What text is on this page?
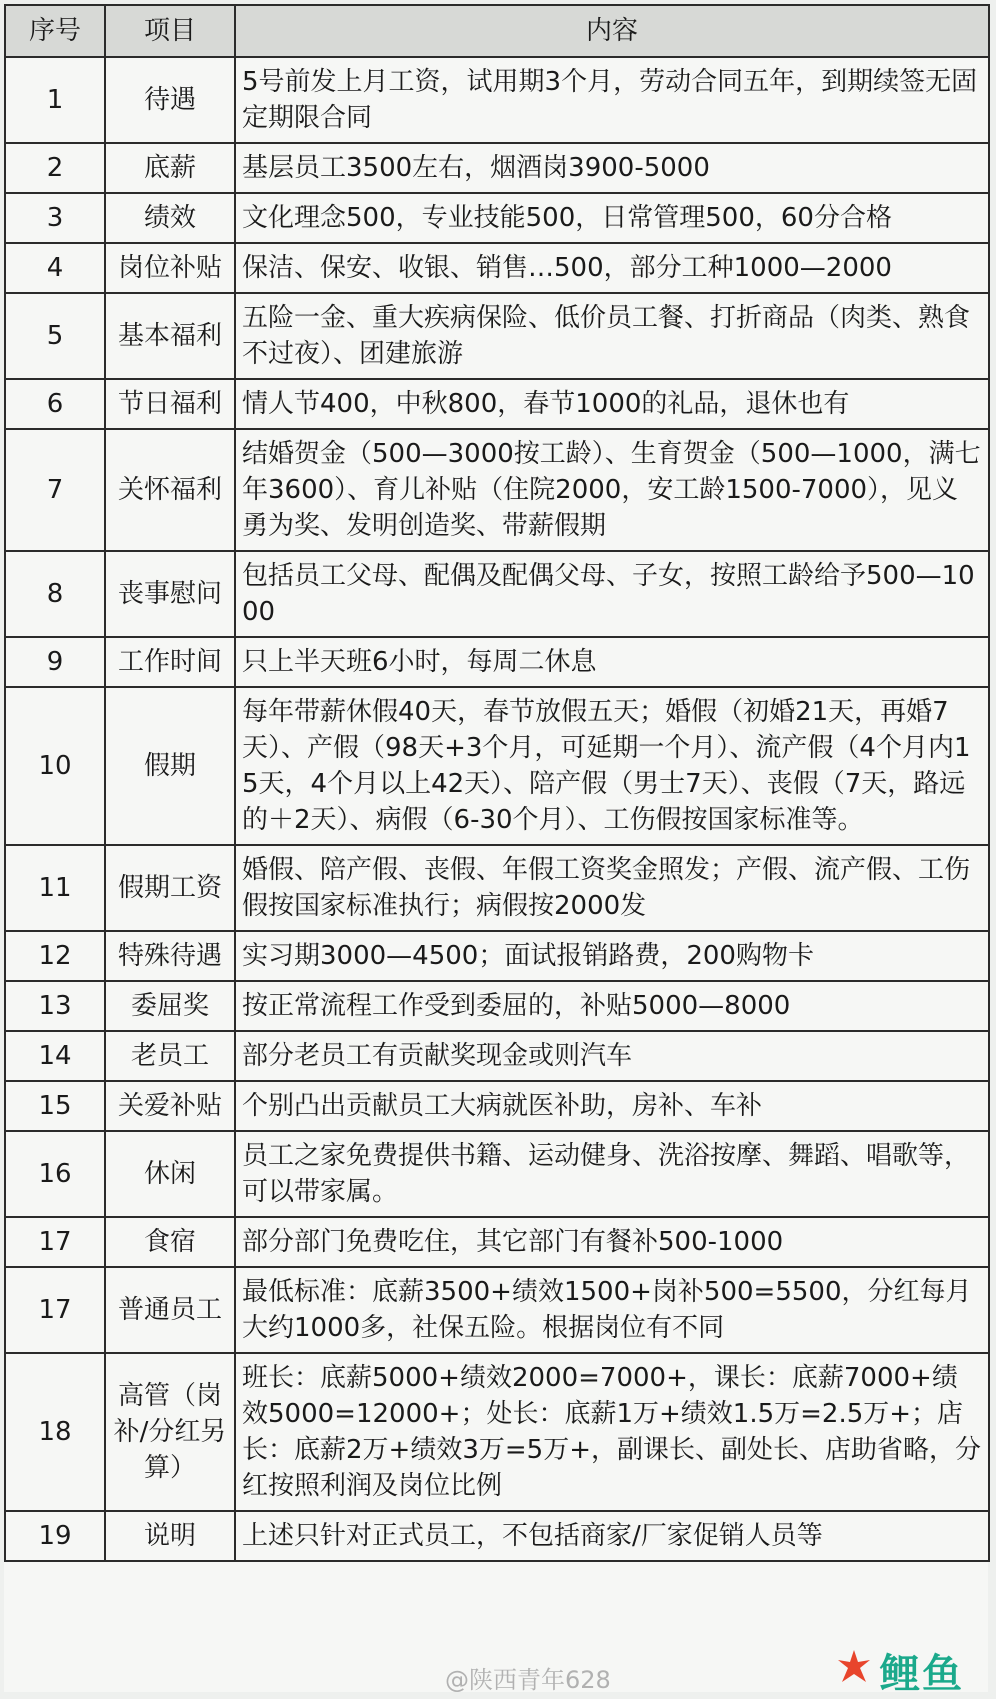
序号	项目	内容
1	待遇	5号前发上月工资，试用期3个月，劳动合同五年，到期续签无固定期限合同
2	底薪	基层员工3500左右，烟酒岗3900-5000
3	绩效	文化理念500，专业技能500，日常管理500，60分合格
4	岗位补贴	保洁、保安、收银、销售…500，部分工种1000—2000
5	基本福利	五险一金、重大疾病保险、低价员工餐、打折商品（肉类、熟食不过夜）、团建旅游
6	节日福利	情人节400，中秋800，春节1000的礼品，退休也有
7	关怀福利	结婚贺金（500—3000按工龄）、生育贺金（500—1000，满七年3600）、育儿补贴（住院2000，安工龄1500-7000），见义勇为奖、发明创造奖、带薪假期
8	丧事慰问	包括员工父母、配偶及配偶父母、子女，按照工龄给予500—1000
9	工作时间	只上半天班6小时，每周二休息
10	假期	每年带薪休假40天，春节放假五天；婚假（初婚21天，再婚7天）、产假（98天+3个月，可延期一个月）、流产假（4个月内15天，4个月以上42天）、陪产假（男士7天）、丧假（7天，路远的＋2天）、病假（6-30个月）、工伤假按国家标准等。
11	假期工资	婚假、陪产假、丧假、年假工资奖金照发；产假、流产假、工伤假按国家标准执行；病假按2000发
12	特殊待遇	实习期3000—4500；面试报销路费，200购物卡
13	委屈奖	按正常流程工作受到委屈的，补贴5000—8000
14	老员工	部分老员工有贡献奖现金或则汽车
15	关爱补贴	个别凸出贡献员工大病就医补助，房补、车补
16	休闲	员工之家免费提供书籍、运动健身、洗浴按摩、舞蹈、唱歌等，可以带家属。
17	食宿	部分部门免费吃住，其它部门有餐补500-1000
17	普通员工	最低标准：底薪3500+绩效1500+岗补500=5500，分红每月大约1000多，社保五险。根据岗位有不同
18	高管（岗补/分红另算）	班长：底薪5000+绩效2000=7000+，课长：底薪7000+绩效5000=12000+；处长：底薪1万+绩效1.5万=2.5万+；店长：底薪2万+绩效3万=5万+，副课长、副处长、店助省略，分红按照利润及岗位比例
19	说明	上述只针对正式员工，不包括商家/厂家促销人员等
@陕西青年628	鲤鱼
